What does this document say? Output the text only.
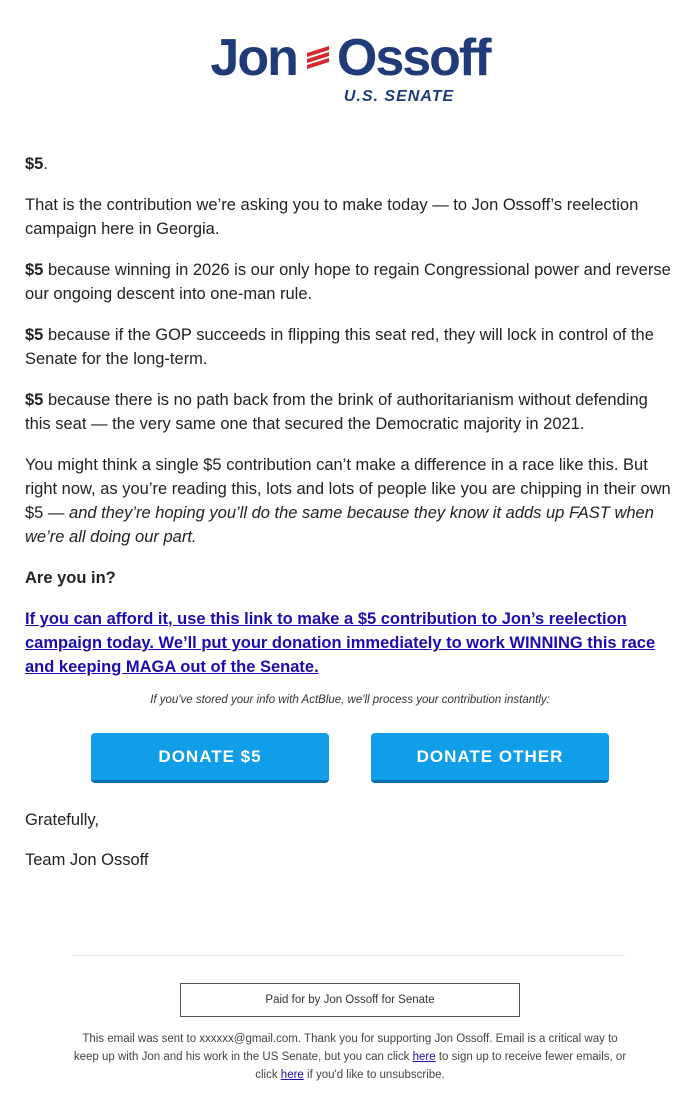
Jon Ossoff
U.S. SENATE

$5.

That is the contribution we’re asking you to make today — to Jon Ossoff’s reelection campaign here in Georgia.

$5 because winning in 2026 is our only hope to regain Congressional power and reverse our ongoing descent into one-man rule.

$5 because if the GOP succeeds in flipping this seat red, they will lock in control of the Senate for the long-term.

$5 because there is no path back from the brink of authoritarianism without defending this seat — the very same one that secured the Democratic majority in 2021.

You might think a single $5 contribution can’t make a difference in a race like this. But right now, as you’re reading this, lots and lots of people like you are chipping in their own $5 — and they’re hoping you’ll do the same because they know it adds up FAST when we’re all doing our part.

Are you in?

If you can afford it, use this link to make a $5 contribution to Jon’s reelection campaign today. We’ll put your donation immediately to work WINNING this race and keeping MAGA out of the Senate.
If you've stored your info with ActBlue, we'll process your contribution instantly:
DONATE $5	DONATE OTHER

Gratefully,

Team Jon Ossoff

Paid for by Jon Ossoff for Senate
This email was sent to xxxxxx@gmail.com. Thank you for supporting Jon Ossoff. Email is a critical way to keep up with Jon and his work in the US Senate, but you can click here to sign up to receive fewer emails, or click here if you'd like to unsubscribe.
